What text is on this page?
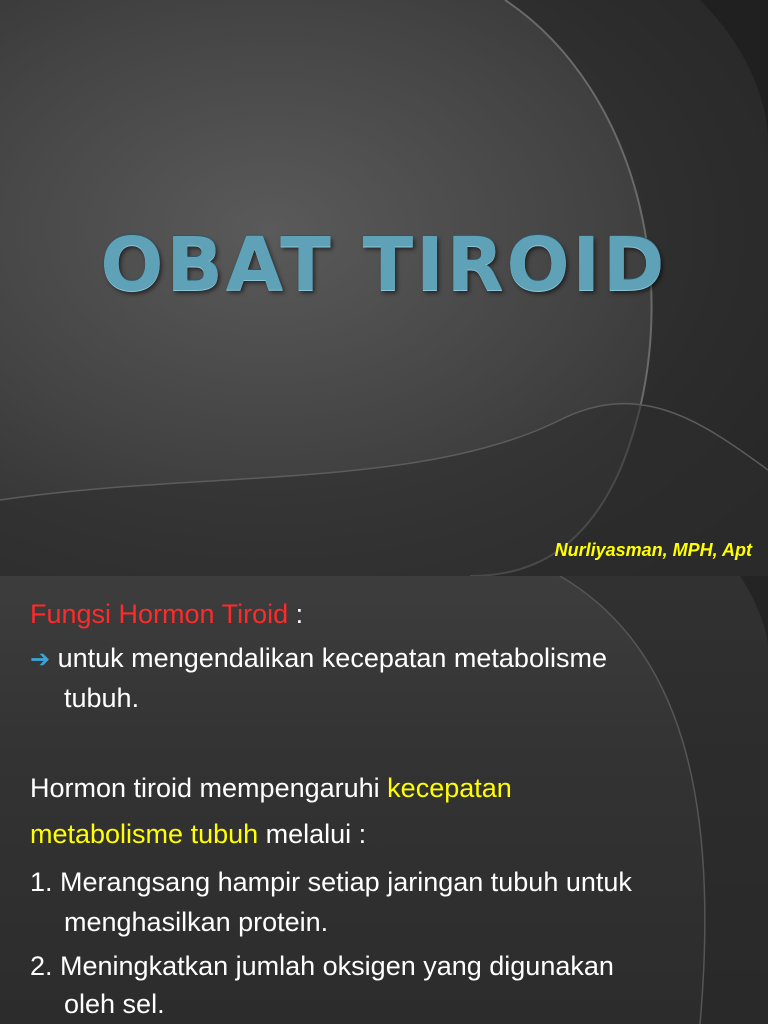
OBAT TIROID
Nurliyasman, MPH, Apt
Fungsi Hormon Tiroid :
➔ untuk mengendalikan kecepatan metabolisme
tubuh.
Hormon tiroid mempengaruhi kecepatan
metabolisme tubuh melalui :
1. Merangsang hampir setiap jaringan tubuh untuk
menghasilkan protein.
2. Meningkatkan jumlah oksigen yang digunakan
oleh sel.
